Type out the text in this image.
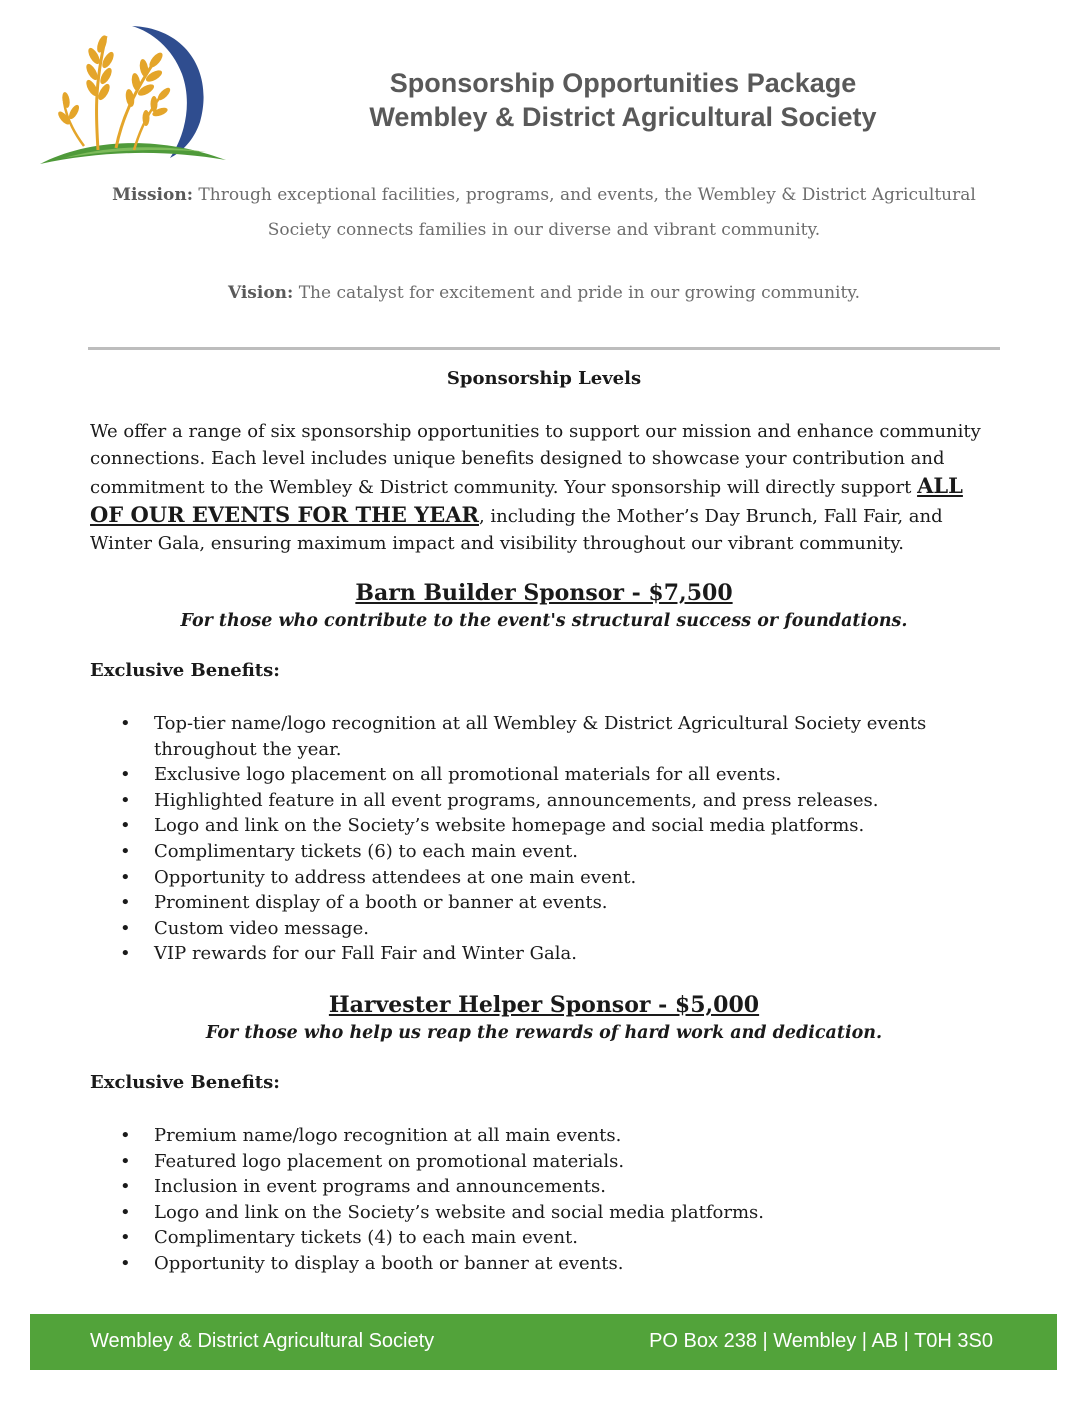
Sponsorship Opportunities Package
Wembley & District Agricultural Society
Mission: Through exceptional facilities, programs, and events, the Wembley & District Agricultural Society connects families in our diverse and vibrant community.
Vision: The catalyst for excitement and pride in our growing community.
Sponsorship Levels

We offer a range of six sponsorship opportunities to support our mission and enhance community connections. Each level includes unique benefits designed to showcase your contribution and commitment to the Wembley & District community. Your sponsorship will directly support ALL OF OUR EVENTS FOR THE YEAR, including the Mother’s Day Brunch, Fall Fair, and Winter Gala, ensuring maximum impact and visibility throughout our vibrant community.

Barn Builder Sponsor - $7,500
For those who contribute to the event's structural success or foundations.
Exclusive Benefits:
• Top-tier name/logo recognition at all Wembley & District Agricultural Society events throughout the year.
• Exclusive logo placement on all promotional materials for all events.
• Highlighted feature in all event programs, announcements, and press releases.
• Logo and link on the Society’s website homepage and social media platforms.
• Complimentary tickets (6) to each main event.
• Opportunity to address attendees at one main event.
• Prominent display of a booth or banner at events.
• Custom video message.
• VIP rewards for our Fall Fair and Winter Gala.
Harvester Helper Sponsor - $5,000
For those who help us reap the rewards of hard work and dedication.
Exclusive Benefits:
• Premium name/logo recognition at all main events.
• Featured logo placement on promotional materials.
• Inclusion in event programs and announcements.
• Logo and link on the Society’s website and social media platforms.
• Complimentary tickets (4) to each main event.
• Opportunity to display a booth or banner at events.
Wembley & District Agricultural Society	PO Box 238 | Wembley | AB | T0H 3S0
